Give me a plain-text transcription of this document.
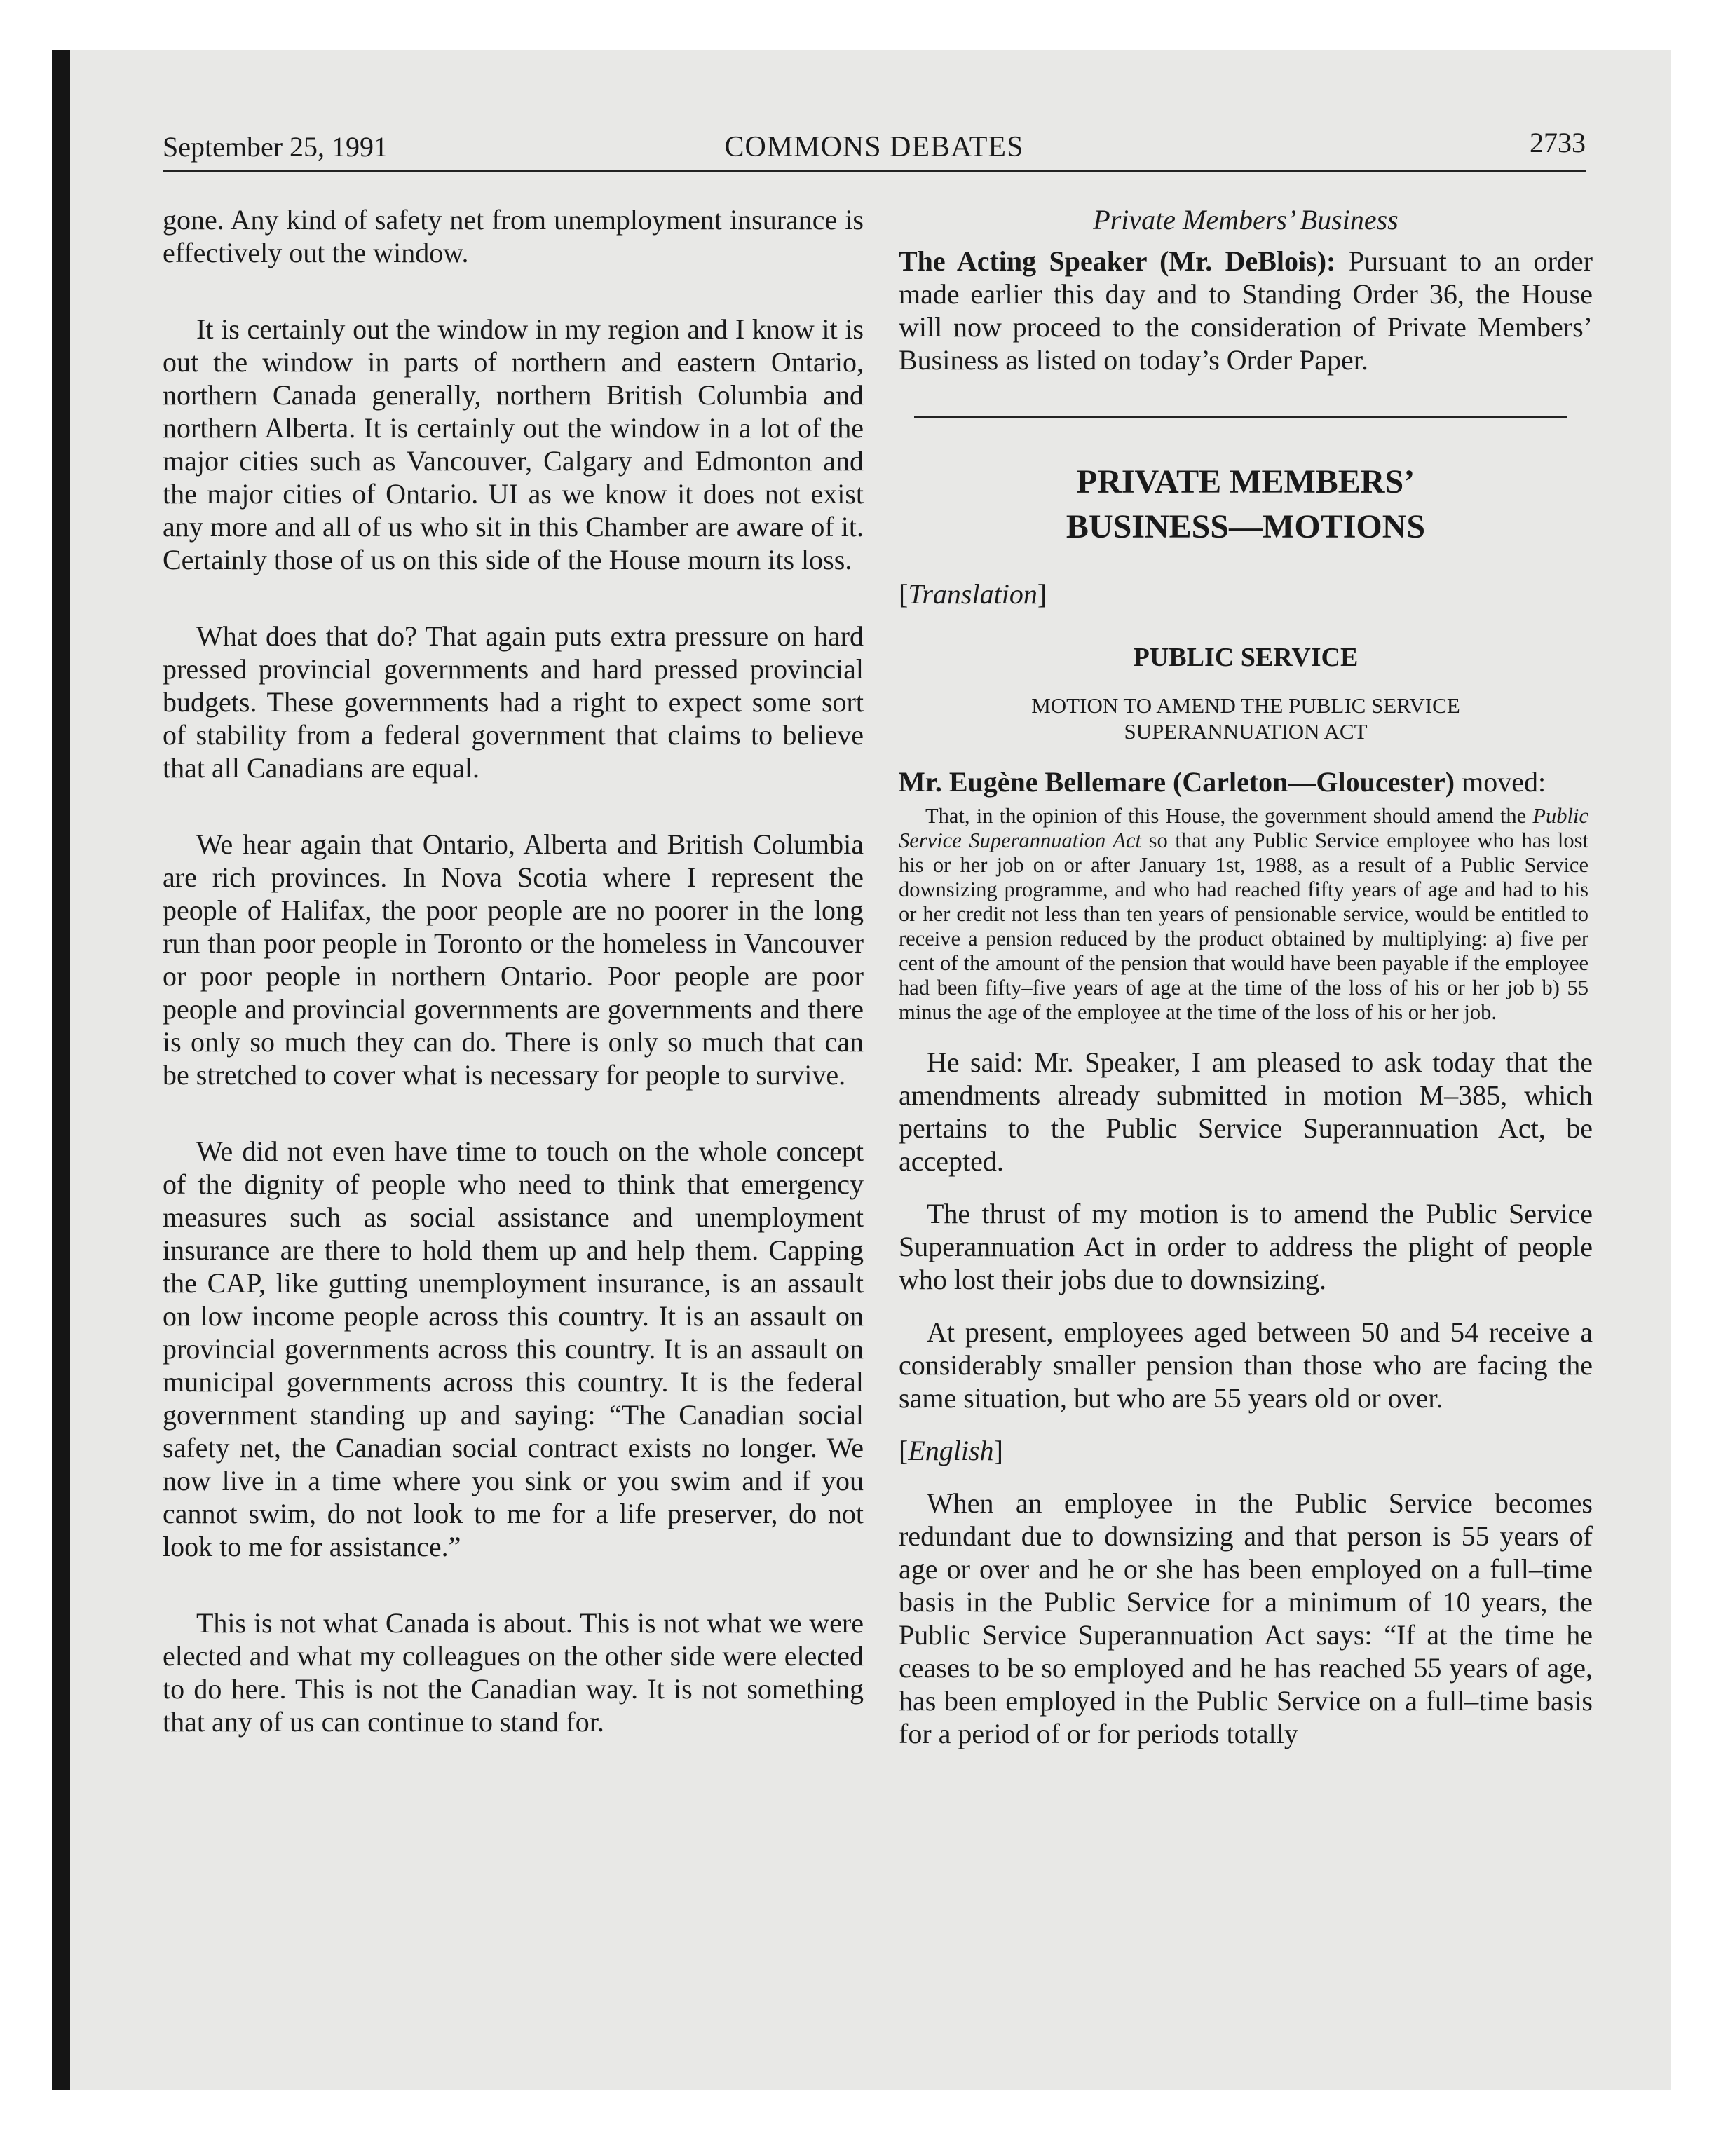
September 25, 1991	COMMONS DEBATES	2733

gone. Any kind of safety net from unemployment insurance is effectively out the window.

It is certainly out the window in my region and I know it is out the window in parts of northern and eastern Ontario, northern Canada generally, northern British Columbia and northern Alberta. It is certainly out the window in a lot of the major cities such as Vancouver, Calgary and Edmonton and the major cities of Ontario. UI as we know it does not exist any more and all of us who sit in this Chamber are aware of it. Certainly those of us on this side of the House mourn its loss.

What does that do? That again puts extra pressure on hard pressed provincial governments and hard pressed provincial budgets. These governments had a right to expect some sort of stability from a federal government that claims to believe that all Canadians are equal.

We hear again that Ontario, Alberta and British Columbia are rich provinces. In Nova Scotia where I represent the people of Halifax, the poor people are no poorer in the long run than poor people in Toronto or the homeless in Vancouver or poor people in northern Ontario. Poor people are poor people and provincial governments are governments and there is only so much they can do. There is only so much that can be stretched to cover what is necessary for people to survive.

We did not even have time to touch on the whole concept of the dignity of people who need to think that emergency measures such as social assistance and unemployment insurance are there to hold them up and help them. Capping the CAP, like gutting unemployment insurance, is an assault on low income people across this country. It is an assault on provincial governments across this country. It is an assault on municipal governments across this country. It is the federal government standing up and saying: “The Canadian social safety net, the Canadian social contract exists no longer. We now live in a time where you sink or you swim and if you cannot swim, do not look to me for a life preserver, do not look to me for assistance.”

This is not what Canada is about. This is not what we were elected and what my colleagues on the other side were elected to do here. This is not the Canadian way. It is not something that any of us can continue to stand for.

Private Members’ Business

The Acting Speaker (Mr. DeBlois): Pursuant to an order made earlier this day and to Standing Order 36, the House will now proceed to the consideration of Private Members’ Business as listed on today’s Order Paper.

PRIVATE MEMBERS’
BUSINESS—MOTIONS
[Translation]
PUBLIC SERVICE
MOTION TO AMEND THE PUBLIC SERVICE
SUPERANNUATION ACT
Mr. Eugène Bellemare (Carleton—Gloucester) moved:
That, in the opinion of this House, the government should amend the Public Service Superannuation Act so that any Public Service employee who has lost his or her job on or after January 1st, 1988, as a result of a Public Service downsizing programme, and who had reached fifty years of age and had to his or her credit not less than ten years of pensionable service, would be entitled to receive a pension reduced by the product obtained by multiplying: a) five per cent of the amount of the pension that would have been payable if the employee had been fifty–five years of age at the time of the loss of his or her job b) 55 minus the age of the employee at the time of the loss of his or her job.

He said: Mr. Speaker, I am pleased to ask today that the amendments already submitted in motion M–385, which pertains to the Public Service Superannuation Act, be accepted.

The thrust of my motion is to amend the Public Service Superannuation Act in order to address the plight of people who lost their jobs due to downsizing.

At present, employees aged between 50 and 54 receive a considerably smaller pension than those who are facing the same situation, but who are 55 years old or over.

[English]

When an employee in the Public Service becomes redundant due to downsizing and that person is 55 years of age or over and he or she has been employed on a full–time basis in the Public Service for a minimum of 10 years, the Public Service Superannuation Act says: “If at the time he ceases to be so employed and he has reached 55 years of age, has been employed in the Public Service on a full–time basis for a period of or for periods totally
